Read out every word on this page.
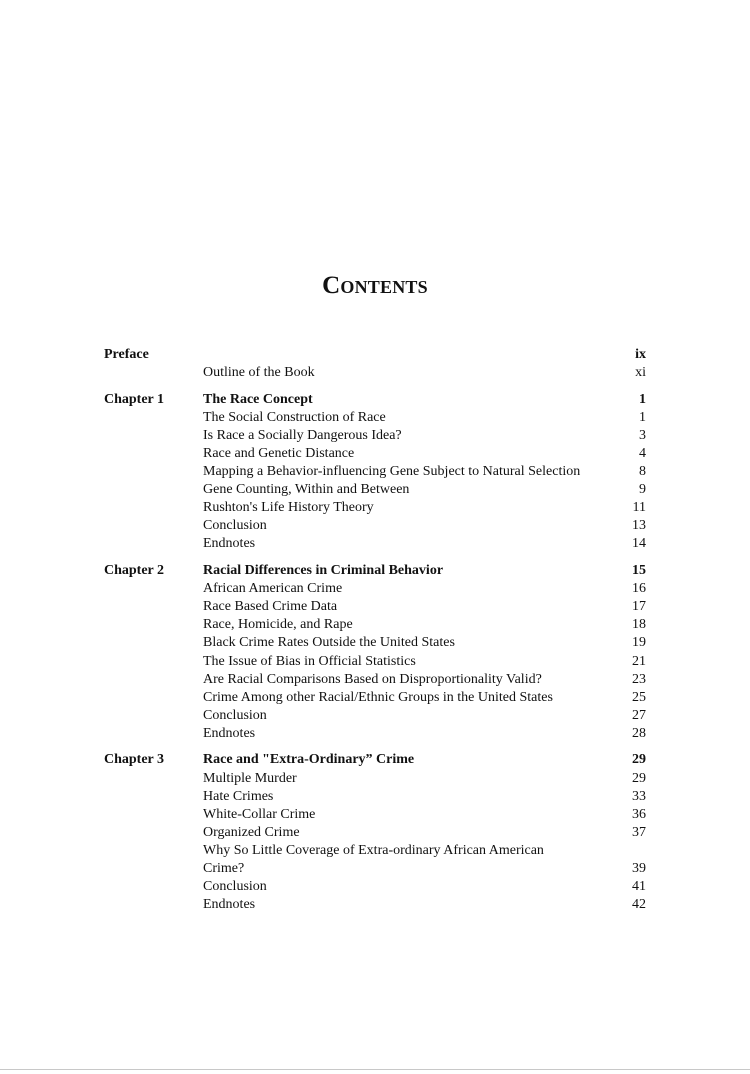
Contents
Preface	ix
Outline of the Book	xi
Chapter 1	The Race Concept	1
The Social Construction of Race	1
Is Race a Socially Dangerous Idea?	3
Race and Genetic Distance	4
Mapping a Behavior-influencing Gene Subject to Natural Selection	8
Gene Counting, Within and Between	9
Rushton's Life History Theory	11
Conclusion	13
Endnotes	14
Chapter 2	Racial Differences in Criminal Behavior	15
African American Crime	16
Race Based Crime Data	17
Race, Homicide, and Rape	18
Black Crime Rates Outside the United States	19
The Issue of Bias in Official Statistics	21
Are Racial Comparisons Based on Disproportionality Valid?	23
Crime Among other Racial/Ethnic Groups in the United States	25
Conclusion	27
Endnotes	28
Chapter 3	Race and "Extra-Ordinary” Crime	29
Multiple Murder	29
Hate Crimes	33
White-Collar Crime	36
Organized Crime	37
Why So Little Coverage of Extra-ordinary African American
Crime?	39
Conclusion	41
Endnotes	42
